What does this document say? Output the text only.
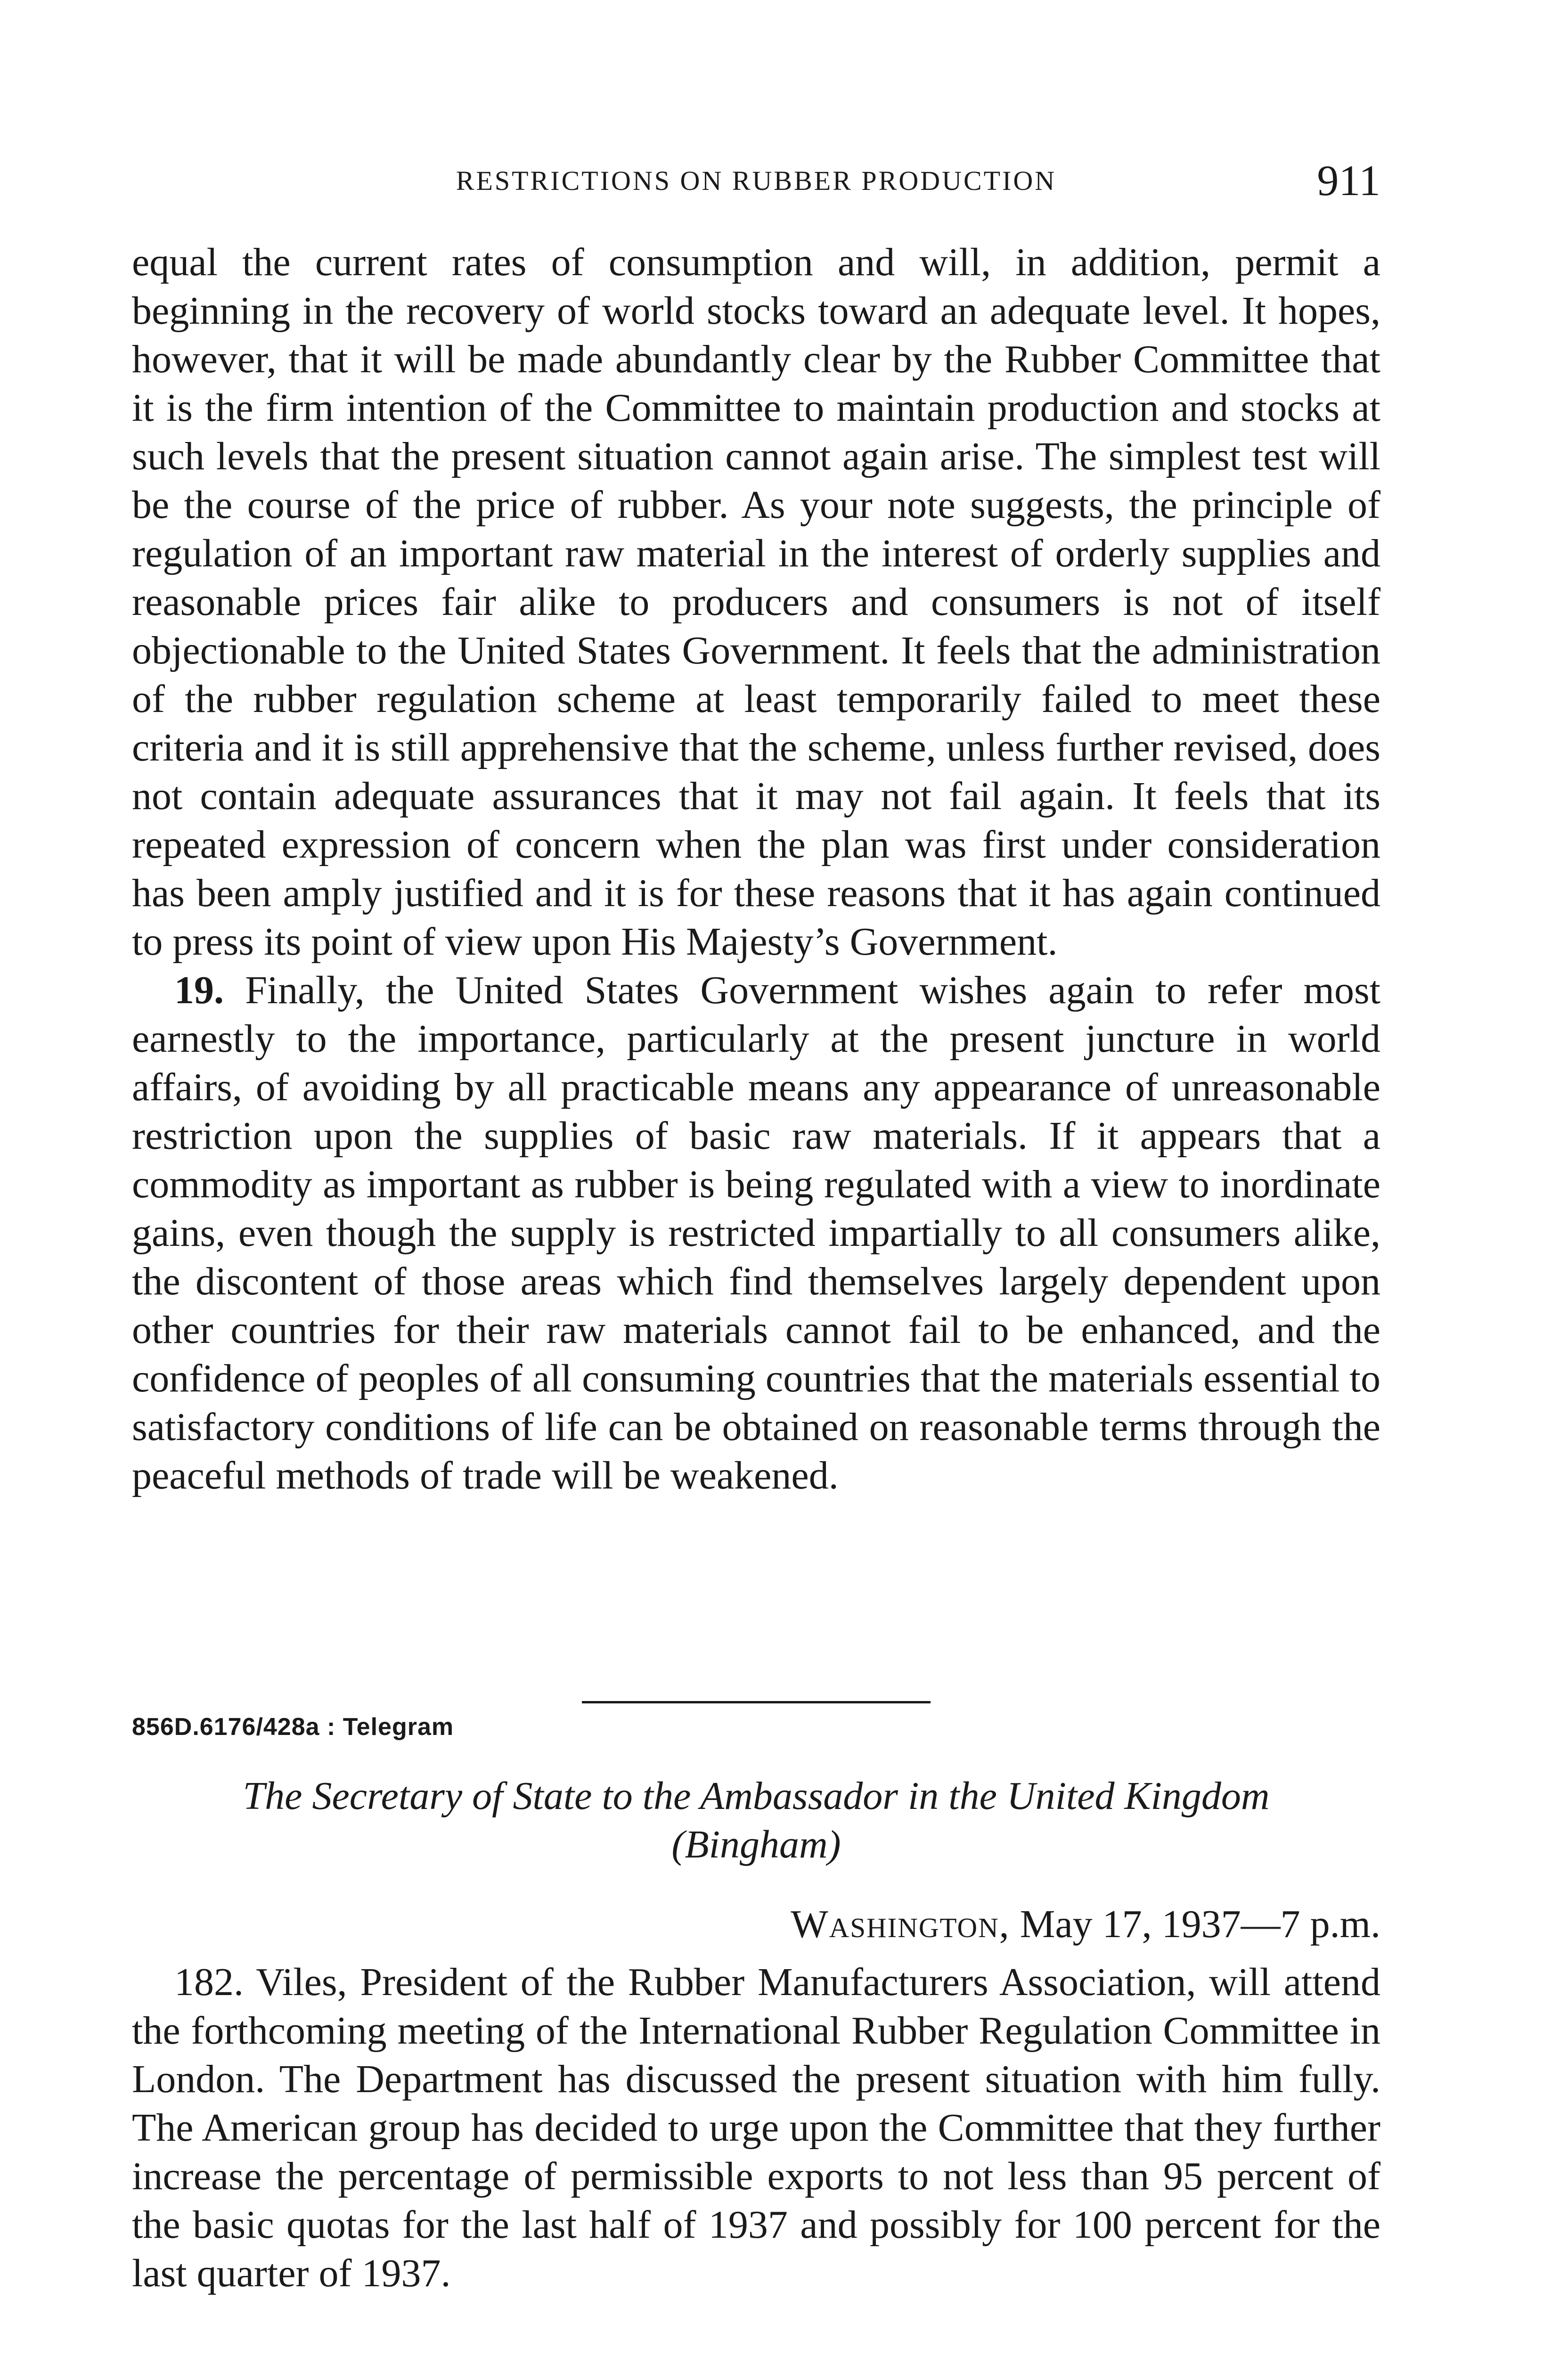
RESTRICTIONS ON RUBBER PRODUCTION	911

equal the current rates of consumption and will, in addition, permit a beginning in the recovery of world stocks toward an adequate level. It hopes, however, that it will be made abundantly clear by the Rubber Committee that it is the firm intention of the Committee to maintain production and stocks at such levels that the present situation cannot again arise. The simplest test will be the course of the price of rubber. As your note suggests, the principle of regulation of an important raw material in the interest of orderly supplies and reasonable prices fair alike to producers and consumers is not of itself objectionable to the United States Government. It feels that the administration of the rubber regulation scheme at least temporarily failed to meet these criteria and it is still apprehensive that the scheme, unless further revised, does not contain adequate assurances that it may not fail again. It feels that its repeated expression of concern when the plan was first under consideration has been amply justified and it is for these reasons that it has again continued to press its point of view upon His Majesty’s Government.

19. Finally, the United States Government wishes again to refer most earnestly to the importance, particularly at the present juncture in world affairs, of avoiding by all practicable means any appearance of unreasonable restriction upon the supplies of basic raw materials. If it appears that a commodity as important as rubber is being regulated with a view to inordinate gains, even though the supply is restricted impartially to all consumers alike, the discontent of those areas which find themselves largely dependent upon other countries for their raw materials cannot fail to be enhanced, and the confidence of peoples of all consuming countries that the materials essential to satisfactory conditions of life can be obtained on reasonable terms through the peaceful methods of trade will be weakened.

856D.6176/428a : Telegram
The Secretary of State to the Ambassador in the United Kingdom
(Bingham)
Washington, May 17, 1937—7 p.m.

182. Viles, President of the Rubber Manufacturers Association, will attend the forthcoming meeting of the International Rubber Regulation Committee in London. The Department has discussed the present situation with him fully. The American group has decided to urge upon the Committee that they further increase the percentage of permissible exports to not less than 95 percent of the basic quotas for the last half of 1937 and possibly for 100 percent for the last quarter of 1937.
